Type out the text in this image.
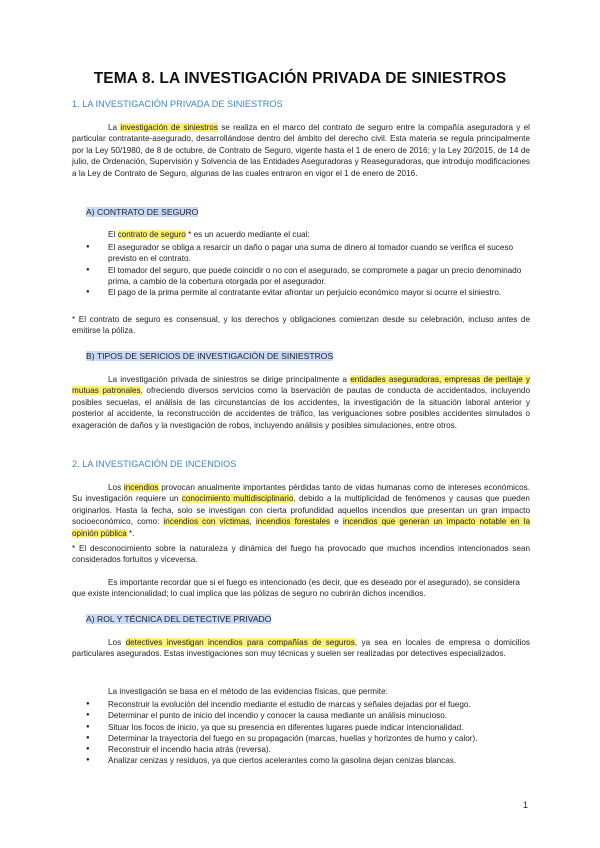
TEMA 8. LA INVESTIGACIÓN PRIVADA DE SINIESTROS

1. LA INVESTIGACIÓN PRIVADA DE SINIESTROS

La investigación de siniestros se realiza en el marco del contrato de seguro entre la compañía aseguradora y el particular contratante-asegurado, desarrollándose dentro del ámbito del derecho civil. Esta materia se regula principalmente por la Ley 50/1980, de 8 de octubre, de Contrato de Seguro, vigente hasta el 1 de enero de 2016; y la Ley 20/2015, de 14 de julio, de Ordenación, Supervisión y Solvencia de las Entidades Aseguradoras y Reaseguradoras, que introdujo modificaciones a la Ley de Contrato de Seguro, algunas de las cuales entraron en vigor el 1 de enero de 2016.

A) CONTRATO DE SEGURO

El contrato de seguro * es un acuerdo mediante el cual:

● El asegurador se obliga a resarcir un daño o pagar una suma de dinero al tomador cuando se verifica el suceso previsto en el contrato.
● El tomador del seguro, que puede coincidir o no con el asegurado, se compromete a pagar un precio denominado prima, a cambio de la cobertura otorgada por el asegurador.
● El pago de la prima permite al contratante evitar afrontar un perjuicio económico mayor si ocurre el siniestro.

* El contrato de seguro es consensual, y los derechos y obligaciones comienzan desde su celebración, incluso antes de emitirse la póliza.

B) TIPOS DE SERICIOS DE INVESTIGACIÓN DE SINIESTROS

La investigación privada de siniestros se dirige principalmente a entidades aseguradoras, empresas de peritaje y mutuas patronales, ofreciendo diversos servicios como la bservación de pautas de conducta de accidentados, incluyendo posibles secuelas, el análisis de las circunstancias de los accidentes, la investigación de la situación laboral anterior y posterior al accidente, la reconstrucción de accidentes de tráfico, las veriguaciones sobre posibles accidentes simulados o exageración de daños y la nvestigación de robos, incluyendo análisis y posibles simulaciones, entre otros.

2. LA INVESTIGACIÓN DE INCENDIOS

Los incendios provocan anualmente importantes pérdidas tanto de vidas humanas como de intereses económicos. Su investigación requiere un conocimiento multidisciplinario, debido a la multiplicidad de fenómenos y causas que pueden originarlos. Hasta la fecha, solo se investigan con cierta profundidad aquellos incendios que presentan un gran impacto socioeconómico, como: incendios con víctimas, incendios forestales e incendios que generan un impacto notable en la opinión pública *.

* El desconocimiento sobre la naturaleza y dinámica del fuego ha provocado que muchos incendios intencionados sean considerados fortuitos y viceversa.

Es importante recordar que si el fuego es intencionado (es decir, que es deseado por el asegurado), se considera que existe intencionalidad; lo cual implica que las pólizas de seguro no cubrirán dichos incendios.

A) ROL Y TÉCNICA DEL DETECTIVE PRIVADO

Los detectives investigan incendios para compañías de seguros, ya sea en locales de empresa o domicilios particulares asegurados. Estas investigaciones son muy técnicas y suelen ser realizadas por detectives especializados.

La investigación se basa en el método de las evidencias físicas, que permite:

● Reconstruir la evolución del incendio mediante el estudio de marcas y señales dejadas por el fuego.
● Determinar el punto de inicio del incendio y conocer la causa mediante un análisis minucioso.
● Situar los focos de inicio, ya que su presencia en diferentes lugares puede indicar intencionalidad.
● Determinar la trayectoria del fuego en su propagación (marcas, huellas y horizontes de humo y calor).
● Reconstruir el incendio hacia atrás (reversa).
● Analizar cenizas y residuos, ya que ciertos acelerantes como la gasolina dejan cenizas blancas.
1
